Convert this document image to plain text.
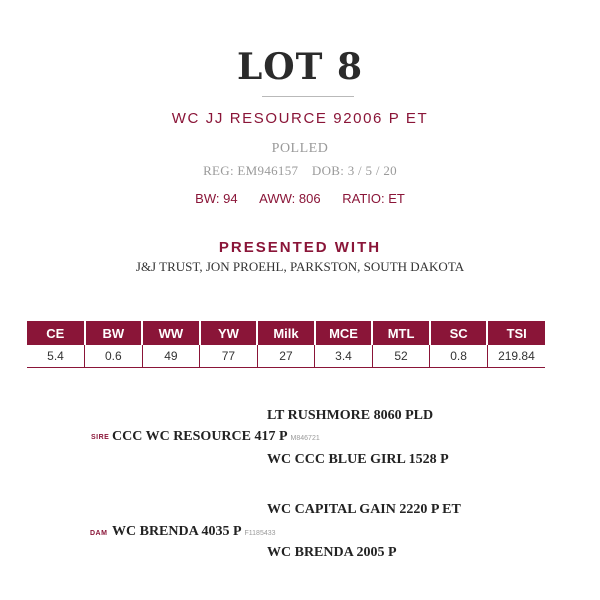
LOT 8
WC JJ RESOURCE 92006 P ET
POLLED
REG: EM946157 DOB: 3 / 5 / 20
BW: 94 AWW: 806 RATIO: ET
PRESENTED WITH
J&J TRUST, JON PROEHL, PARKSTON, SOUTH DAKOTA
CE	BW	WW	YW	Milk	MCE	MTL	SC	TSI
5.4	0.6	49	77	27	3.4	52	0.8	219.84
LT RUSHMORE 8060 PLD
SIRE CCC WC RESOURCE 417 P M846721
WC CCC BLUE GIRL 1528 P
WC CAPITAL GAIN 2220 P ET
DAM WC BRENDA 4035 P F1185433
WC BRENDA 2005 P
